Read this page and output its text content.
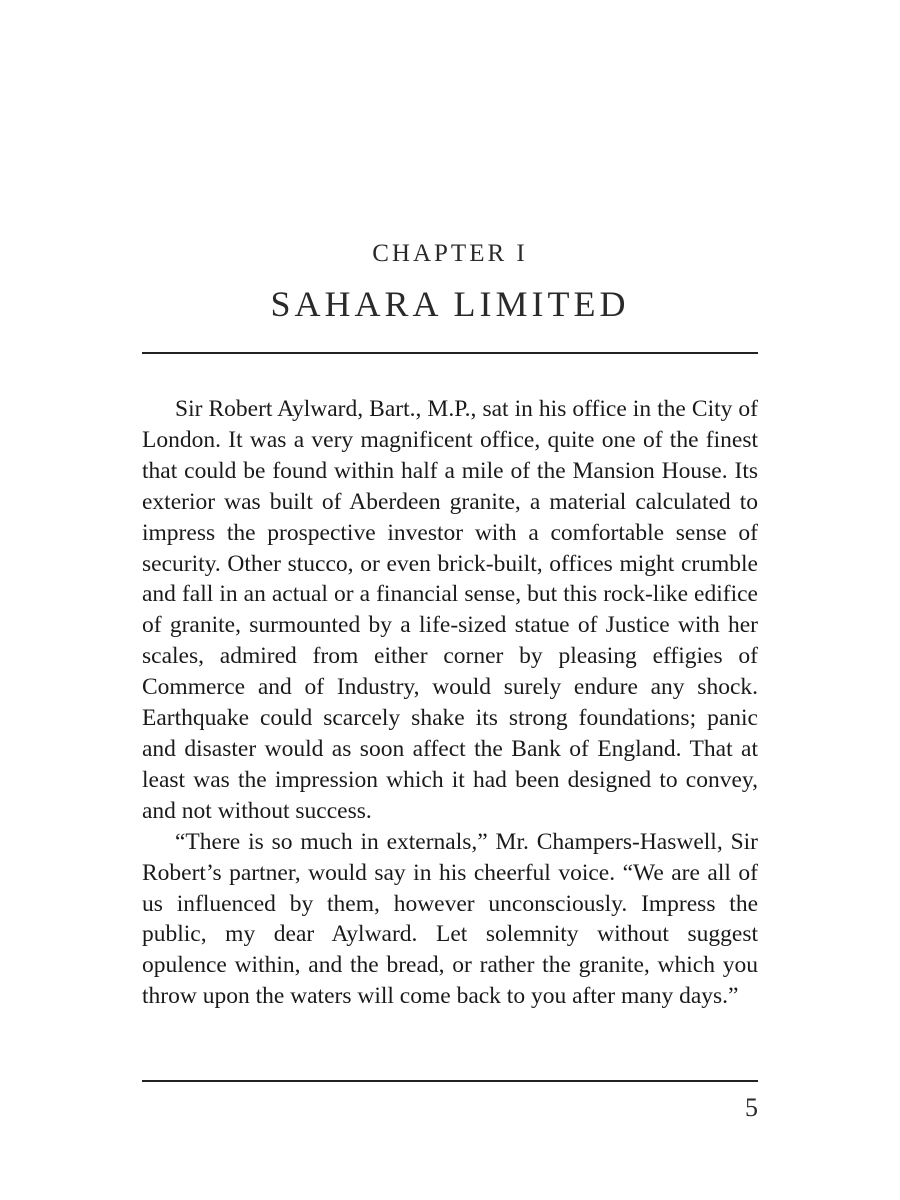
CHAPTER I
SAHARA LIMITED

Sir Robert Aylward, Bart., M.P., sat in his office in the City of London. It was a very magnificent office, quite one of the finest that could be found within half a mile of the Mansion House. Its exterior was built of Aberdeen granite, a material calculated to impress the prospective investor with a comfortable sense of security. Other stucco, or even brick-built, offices might crumble and fall in an actual or a financial sense, but this rock-like edifice of granite, surmounted by a life-sized statue of Justice with her scales, admired from either corner by pleasing effigies of Commerce and of Industry, would surely endure any shock. Earthquake could scarcely shake its strong foundations; panic and disaster would as soon affect the Bank of England. That at least was the impression which it had been designed to convey, and not without success.

“There is so much in externals,” Mr. Champers-Haswell, Sir Robert’s partner, would say in his cheerful voice. “We are all of us influenced by them, however unconsciously. Impress the public, my dear Aylward. Let solemnity without suggest opulence within, and the bread, or rather the granite, which you throw upon the waters will come back to you after many days.”

5
